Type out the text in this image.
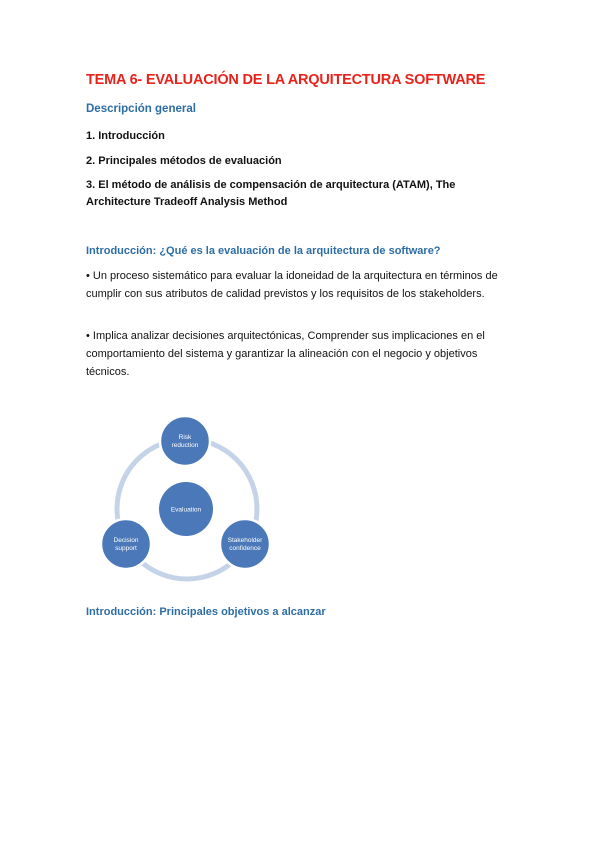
TEMA 6- EVALUACIÓN DE LA ARQUITECTURA SOFTWARE
Descripción general

1. Introducción

2. Principales métodos de evaluación

3. El método de análisis de compensación de arquitectura (ATAM), The Architecture Tradeoff Analysis Method

Introducción: ¿Qué es la evaluación de la arquitectura de software?

• Un proceso sistemático para evaluar la idoneidad de la arquitectura en términos de cumplir con sus atributos de calidad previstos y los requisitos de los stakeholders.

• Implica analizar decisiones arquitectónicas, Comprender sus implicaciones en el comportamiento del sistema y garantizar la alineación con el negocio y objetivos técnicos.

Evaluation
Risk
reduction
Stakeholder
confidence
Decision
support
Introducción: Principales objetivos a alcanzar
